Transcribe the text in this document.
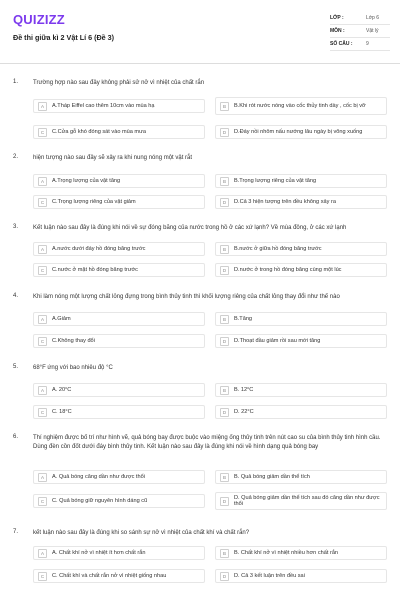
QUIZIZZ
Đề thi giữa kì 2 Vật Lí 6 (Đề 3)
LỚP :	Lớp 6
MÔN :	Vật lý
SỐ CÂU :	9
1. Trường hợp nào sau đây không phải sử nở vì nhiệt của chất rắn
A	A.Tháp Eiffel cao thêm 10cm vào mùa hạ	B	B.Khi rót nước nóng vào cốc thủy tinh dày , cốc bị vỡ
C	C.Cửa gỗ khó đóng sát vào mùa mưa	D	D.Đáy nồi nhôm nấu nướng lâu ngày bị võng xuống
2. hiện tượng nào sau đây sẽ xảy ra khi nung nóng một vật rắt
A	A.Trọng lượng của vật tăng	B	B.Trọng lượng riêng của vật tăng
C	C.Trọng lượng riêng của vật giảm	D	D.Cả 3 hiện tượng trên đều không xảy ra
3. Kết luận nào sau đây là đúng khi nói về sự đóng băng của nước trong hồ ở các xứ lạnh? Về mùa đông, ở các xứ lạnh
A	A.nước dưới đáy hồ đóng băng trước	B	B.nước ở giữa hồ đóng băng trước
C	C.nước ở mặt hồ đóng băng trước	D	D.nước ở trong hồ đóng băng cùng một lúc
4. Khi làm nóng một lượng chất lỏng đựng trong bình thủy tinh thì khối lượng riêng của chất lỏng thay đổi như thế nào
A	A.Giảm	B	B.Tăng
C	C.Không thay đổi	D	D.Thoạt đầu giảm rồi sau mới tăng
5. 68°F ứng với bao nhiêu độ °C
A	A. 20°C	B	B. 12°C
C	C. 18°C	D	D. 22°C
6. Thí nghiệm được bố trí như hình vẽ, quả bóng bay được buộc vào miệng ống thủy tinh trên nút cao su của bình thủy tinh hình cầu. Dùng đèn cồn đốt dưới đáy bình thủy tinh. Kết luận nào sau đây là đúng khi nói về hình dạng quả bóng bay
A	A. Quả bóng căng dần như được thổi	B	B. Quả bóng giảm dần thể tích
C	C. Quả bóng giữ nguyên hình dáng cũ	D
D. Quả bóng giảm dần thể tích sau đó căng dần như được thổi
7. kết luận nào sau đây là đúng khi so sánh sự nở vì nhiệt của chất khí và chất rắn?
A	A. Chất khí nở vì nhiệt ít hơn chất rắn	B	B. Chất khí nở vì nhiệt nhiều hơn chất rắn
C	C. Chất khí và chất rắn nở vì nhiệt giống nhau	D	D. Cả 3 kết luận trên đều sai
